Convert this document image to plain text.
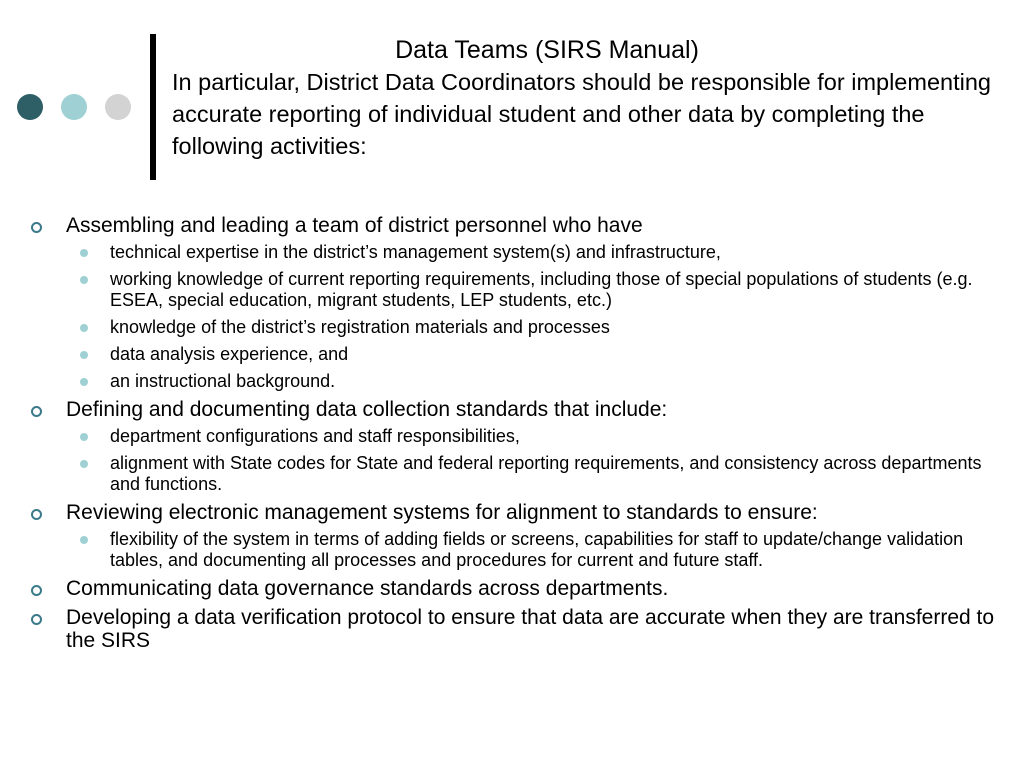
Data Teams (SIRS Manual)
In particular, District Data Coordinators should be responsible for implementing accurate reporting of individual student and other data by completing the following activities:
Assembling and leading a team of district personnel who have
technical expertise in the district’s management system(s) and infrastructure,
working knowledge of current reporting requirements, including those of special populations of students (e.g. ESEA, special education, migrant students, LEP students, etc.)
knowledge of the district’s registration materials and processes
data analysis experience, and
an instructional background.
Defining and documenting data collection standards that include:
department configurations and staff responsibilities,
alignment with State codes for State and federal reporting requirements, and consistency across departments and functions.
Reviewing electronic management systems for alignment to standards to ensure:
flexibility of the system in terms of adding fields or screens, capabilities for staff to update/change validation tables, and documenting all processes and procedures for current and future staff.
Communicating data governance standards across departments.
Developing a data verification protocol to ensure that data are accurate when they are transferred to the SIRS
